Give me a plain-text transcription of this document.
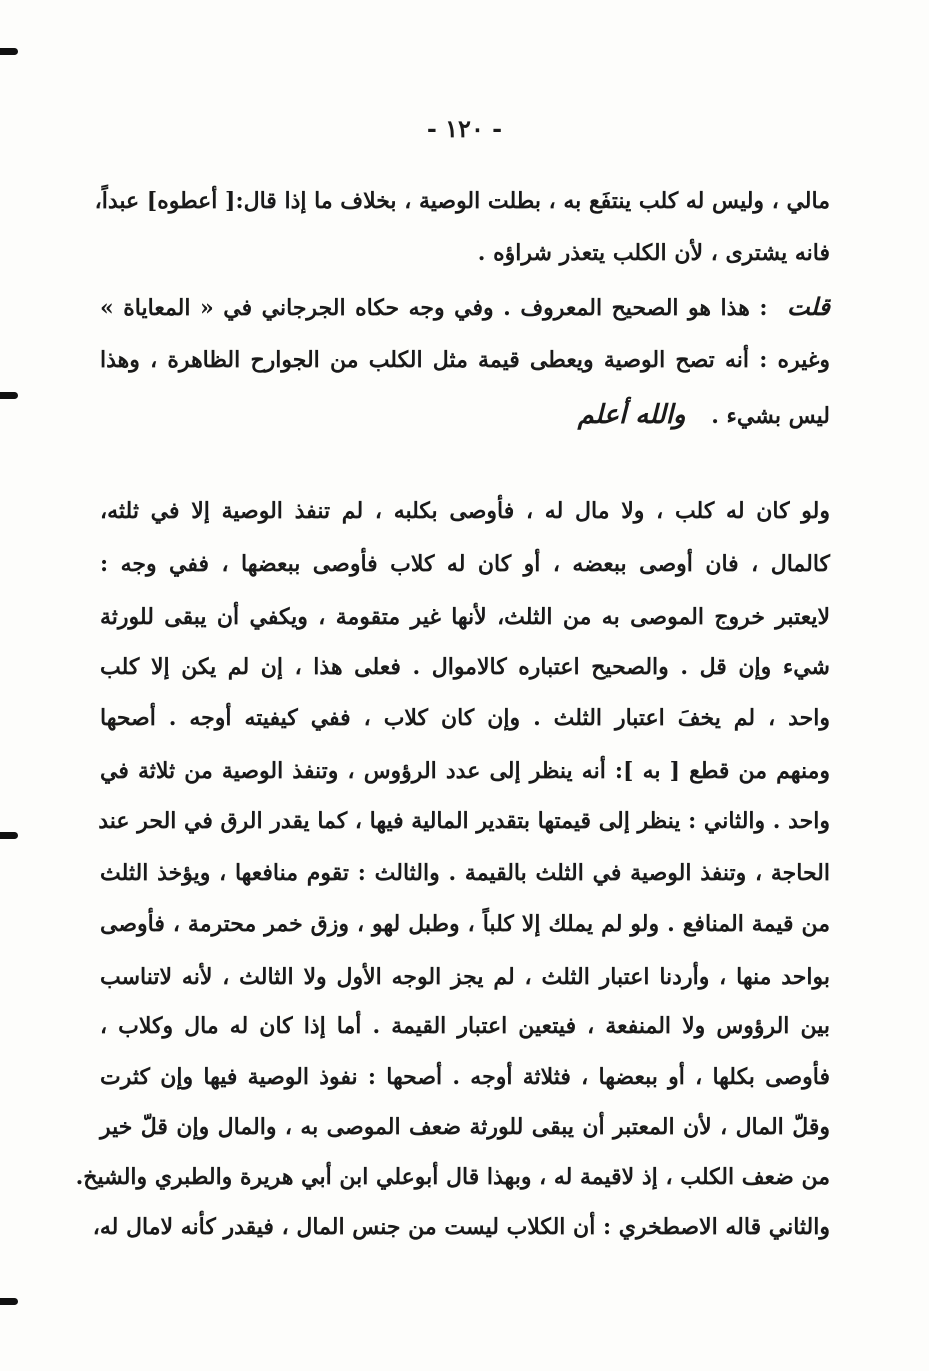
- ١٢٠ -
مالي ، وليس له كلب ينتفَع به ، بطلت الوصية ، بخلاف ما إذا قال:[ أعطوه] عبداً،
فانه يشترى ، لأن الكلب يتعذر شراؤه .
قلت : هذا هو الصحيح المعروف . وفي وجه حكاه الجرجاني في « المعاياة »
وغيره : أنه تصح الوصية ويعطى قيمة مثل الكلب من الجوارح الظاهرة ، وهذا
ليس بشيء . والله أعلم
ولو كان له كلب ، ولا مال له ، فأوصى بكلبه ، لم تنفذ الوصية إلا في ثلثه،
كالمال ، فان أوصى ببعضه ، أو كان له كلاب فأوصى ببعضها ، ففي وجه :
لايعتبر خروج الموصى به من الثلث، لأنها غير متقومة ، ويكفي أن يبقى للورثة
شيء وإن قل . والصحيح اعتباره كالاموال . فعلى هذا ، إن لم يكن إلا كلب
واحد ، لم يخفَ اعتبار الثلث . وإن كان كلاب ، ففي كيفيته أوجه . أصحها
ومنهم من قطع [ به ]: أنه ينظر إلى عدد الرؤوس ، وتنفذ الوصية من ثلاثة في
واحد . والثاني : ينظر إلى قيمتها بتقدير المالية فيها ، كما يقدر الرق في الحر عند
الحاجة ، وتنفذ الوصية في الثلث بالقيمة . والثالث : تقوم منافعها ، ويؤخذ الثلث
من قيمة المنافع . ولو لم يملك إلا كلباً ، وطبل لهو ، وزق خمر محترمة ، فأوصى
بواحد منها ، وأردنا اعتبار الثلث ، لم يجز الوجه الأول ولا الثالث ، لأنه لاتناسب
بين الرؤوس ولا المنفعة ، فيتعين اعتبار القيمة . أما إذا كان له مال وكلاب ،
فأوصى بكلها ، أو ببعضها ، فثلاثة أوجه . أصحها : نفوذ الوصية فيها وإن كثرت
وقلّ المال ، لأن المعتبر أن يبقى للورثة ضعف الموصى به ، والمال وإن قلّ خير
من ضعف الكلب ، إذ لاقيمة له ، وبهذا قال أبوعلي ابن أبي هريرة والطبري والشيخ.
والثاني قاله الاصطخري : أن الكلاب ليست من جنس المال ، فيقدر كأنه لامال له،
